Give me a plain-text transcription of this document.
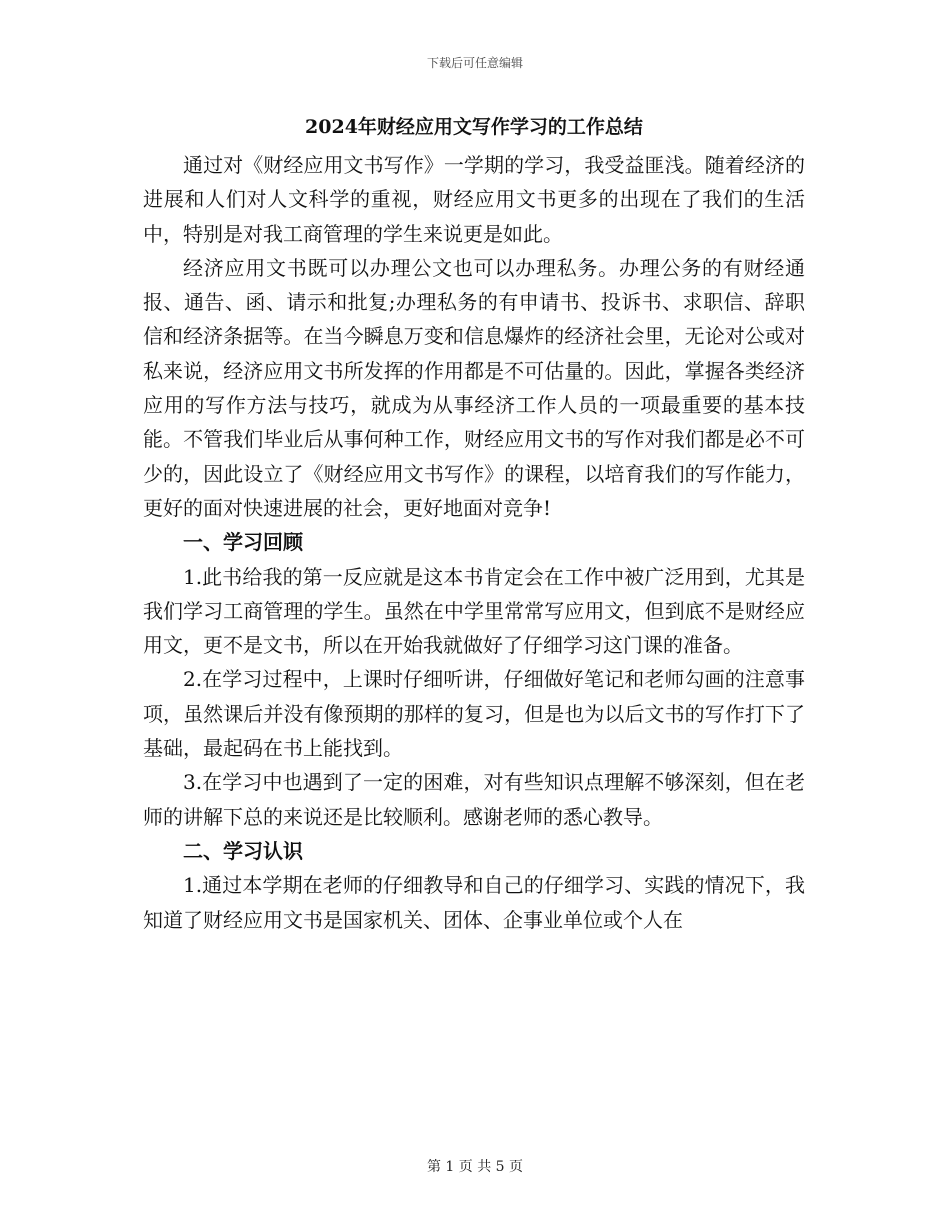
下载后可任意编辑
2024年财经应用文写作学习的工作总结

通过对《财经应用文书写作》一学期的学习，我受益匪浅。随着经济的进展和人们对人文科学的重视，财经应用文书更多的出现在了我们的生活中，特别是对我工商管理的学生来说更是如此。

经济应用文书既可以办理公文也可以办理私务。办理公务的有财经通报、通告、函、请示和批复;办理私务的有申请书、投诉书、求职信、辞职信和经济条据等。在当今瞬息万变和信息爆炸的经济社会里，无论对公或对私来说，经济应用文书所发挥的作用都是不可估量的。因此，掌握各类经济应用的写作方法与技巧，就成为从事经济工作人员的一项最重要的基本技能。不管我们毕业后从事何种工作，财经应用文书的写作对我们都是必不可少的，因此设立了《财经应用文书写作》的课程，以培育我们的写作能力，更好的面对快速进展的社会，更好地面对竞争!

一、学习回顾

1.此书给我的第一反应就是这本书肯定会在工作中被广泛用到，尤其是我们学习工商管理的学生。虽然在中学里常常写应用文，但到底不是财经应用文，更不是文书，所以在开始我就做好了仔细学习这门课的准备。

2.在学习过程中，上课时仔细听讲，仔细做好笔记和老师勾画的注意事项，虽然课后并没有像预期的那样的复习，但是也为以后文书的写作打下了基础，最起码在书上能找到。

3.在学习中也遇到了一定的困难，对有些知识点理解不够深刻，但在老师的讲解下总的来说还是比较顺利。感谢老师的悉心教导。

二、学习认识

1.通过本学期在老师的仔细教导和自己的仔细学习、实践的情况下，我知道了财经应用文书是国家机关、团体、企事业单位或个人在

第 1 页 共 5 页
